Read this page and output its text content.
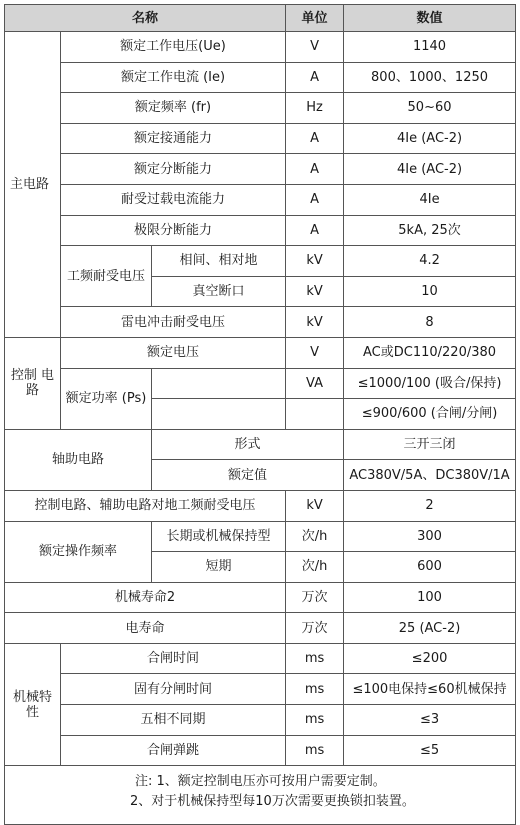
名称			单位	数值
主电路	额定工作电压(Ue)		V	1140
	额定工作电流 (Ie)		A	800、1000、1250
	额定频率 (fr)		Hz	50~60
	额定接通能力		A	4Ie (AC-2)
	额定分断能力		A	4Ie (AC-2)
	耐受过载电流能力		A	4Ie
	极限分断能力		A	5kA, 25次
	工频耐受电压	相间、相对地	kV	4.2
		真空断口	kV	10
	雷电冲击耐受电压		kV	8
控制 电路	额定电压		V	AC或DC110/220/380
	额定功率 (Ps)		VA	≤1000/100 (吸合/保持)
				≤900/600 (合闸/分闸)
轴助电路		形式		三开三闭
		额定值		AC380V/5A、DC380V/1A
控制电路、辅助电路对地工频耐受电压			kV	2
额定操作频率		长期或机械保持型	次/h	300
		短期	次/h	600
机械寿命2			万次	100
电寿命			万次	25 (AC-2)
机械特性	合闸时间		ms	≤200
	固有分闸时间		ms	≤100电保持≤60机械保持
	五相不同期		ms	≤3
	合闸弹跳		ms	≤5

注: 1、额定控制电压亦可按用户需要定制。
2、对于机械保持型每10万次需要更换锁扣装置。				
